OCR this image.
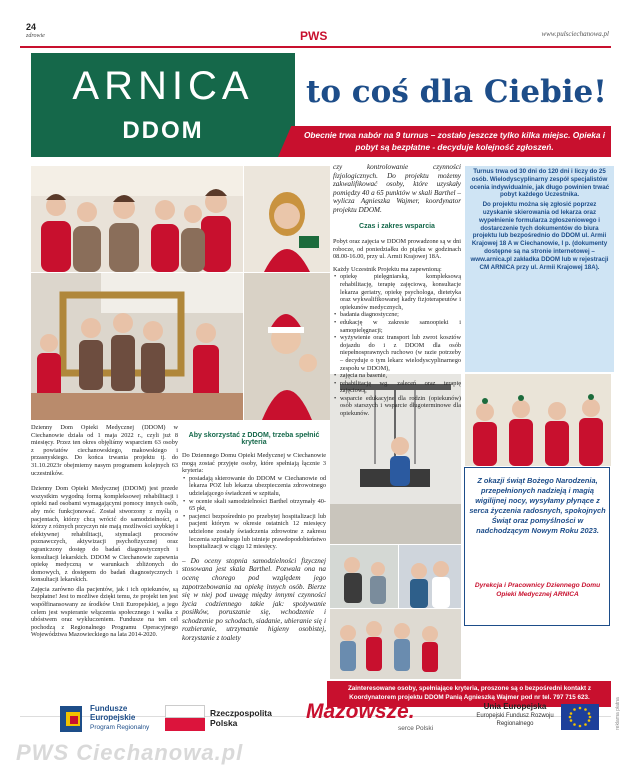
24
zdrowie	PWS	www.pulsciechanowa.pl
ARNICA
DDOM
to coś dla Ciebie!
Obecnie trwa nabór na 9 turnus – zostało jeszcze tylko kilka miejsc. Opieka i pobyt są bezpłatne - decyduje kolejność zgłoszeń.

Dzienny Dom Opieki Medycznej (DDOM) w Ciechanowie działa od 1 maja 2022 r., czyli już 8 miesięcy. Przez ten okres objęliśmy wsparciem 63 osoby z powiatów ciechanowskiego, makowskiego i przasnyskiego. Do końca trwania projektu tj. do 31.10.2023r obejmiemy nasym programem kolejnych 63 uczestników.

Dzienny Dom Opieki Medycznej (DDOM) jest przede wszystkim wygodną formą kompleksowej rehabilitacji i opieki nad osobami wymagającymi pomocy innych osób, aby móc funkcjonować. Został stworzony z myślą o pacjentach, którzy chcą wrócić do samodzielności, a którzy z różnych przyczyn nie mają możliwości szybkiej i efektywnej rehabilitacji, stymulacji procesów poznawczych, aktywizacji psychofizycznej oraz ograniczony dostęp do badań diagnostycznych i konsultacji lekarskich. DDOM w Ciechanowie zapewnia opiekę medyczną w warunkach zbliżonych do domowych, z dostępem do badań diagnostycznych i konsultacji lekarskich.

Zajęcia zarówno dla pacjentów, jak i ich opiekunów, są bezpłatne! Jest to możliwe dzięki temu, że projekt ten jest współfinansowany ze środków Unii Europejskiej, a jego celem jest wspieranie włączenia społecznego i walka z ubóstwem oraz wykluczeniem. Fundusze na ten cel pochodzą z Regionalnego Programu Operacyjnego Województwa Mazowieckiego na lata 2014-2020.

Aby skorzystać z DDOM, trzeba spełnić kryteria

Do Dziennego Domu Opieki Medycznej w Ciechanowie mogą zostać przyjęte osoby, które spełniają łącznie 3 kryteria:

• posiadają skierowanie do DDOM w Ciechanowie od lekarza POZ lub lekarza ubezpieczenia zdrowotnego udzielającego świadczeń w szpitalu,
• w ocenie skali samodzielności Barthel otrzymały 40-65 pkt,
• pacjenci bezpośrednio po przebytej hospitalizacji lub pacjent którym w okresie ostatnich 12 miesięcy udzielone zostały świadczenia zdrowotne z zakresu leczenia szpitalnego lub istnieje prawdopodobieństwo hospitalizacji w ciągu 12 miesięcy.

– Do oceny stopnia samodzielności fizycznej stosowana jest skala Barthel. Pozwala ona na ocenę chorego pod względem jego zapotrzebowania na opiekę innych osób. Bierze się w niej pod uwagę między innymi czynności życia codziennego takie jak: spożywanie posiłków, poruszanie się, wchodzenie i schodzenie po schodach, siadanie, ubieranie się i rozbieranie, utrzymanie higieny osobistej, korzystanie z toalety

czy kontrolowanie czynności fizjologicznych. Do projektu możemy zakwalifikować osoby, które uzyskały pomiędzy 40 a 65 punktów w skali Barthel – wyliczа Agnieszka Wajmer, koordynator projektu DDOM.
Czas i zakres wsparcia

Pobyt oraz zajęcia w DDOM prowadzone są w dni robocze, od poniedziałku do piątku w godzinach 08.00-16.00, przy ul. Armii Krajowej 18A.

Każdy Uczestnik Projektu ma zapewnioną:

• opiekę pielęgniarską, kompleksową rehabilitację, terapię zajęciową, konsultacje lekarza geriatry, opiekę psychologa, dietetyka oraz wykwalifikowanej kadry fizjoterapeutów i opiekunów medycznych,
• badania diagnostyczne;
• edukację w zakresie samoopieki i samopielęgnacji;
• wyżywienie oraz transport lub zwrot kosztów dojazdu do i z DDOM dla osób niepełnosprawnych ruchowo (w razie potrzeby – decyduje o tym lekarz wielodyscyplinarnego zespołu w DDOM),
• zajęcia na basenie,
• rehabilitację wg. zaleceń oraz terapię zajęciową,
• wsparcie edukacyjne dla rodzin (opiekunów) osób starszych i wsparcie długoterminowe dla opiekunów.

Turnus trwa od 30 dni do 120 dni i liczy do 25 osób. Wielodyscyplinarny zespół specjalistów ocenia indywidualnie, jak długo powinien trwać pobyt każdego Uczestnika.

Do projektu można się zgłosić poprzez uzyskanie skierowania od lekarza oraz wypełnienie formularza zgłoszeniowego i dostarczenie tych dokumentów do biura projektu lub bezpośrednio do DDOM ul. Armii Krajowej 18 A w Ciechanowie, I p. (dokumenty dostępne są na stronie internetowej – www.arnica.pl zakładka DDOM lub w rejestracji CM ARNICA przy ul. Armii Krajowej 18A).

Z okazji świąt Bożego Narodzenia, przepełnionych nadzieją i magią wigilijnej nocy, wysyłamy płynące z serca życzenia radosnych, spokojnych Świąt oraz pomyślności w nadchodzącym Nowym Roku 2023.
Dyrekcja i Pracownicy Dziennego Domu Opieki Medycznej ARNICA
Zainteresowane osoby, spełniające kryteria, proszone są o bezpośredni kontakt z Koordynatorem projektu DDOM Panią Agnieszką Wajmer pod nr tel. 797 715 623.
Fundusze Europejskie
Program Regionalny
Rzeczpospolita Polska	Mazowsze.
serce Polski
Unia Europejska
Europejski Fundusz Rozwoju Regionalnego	reklama płatna
PWS Ciechanowa.pl
